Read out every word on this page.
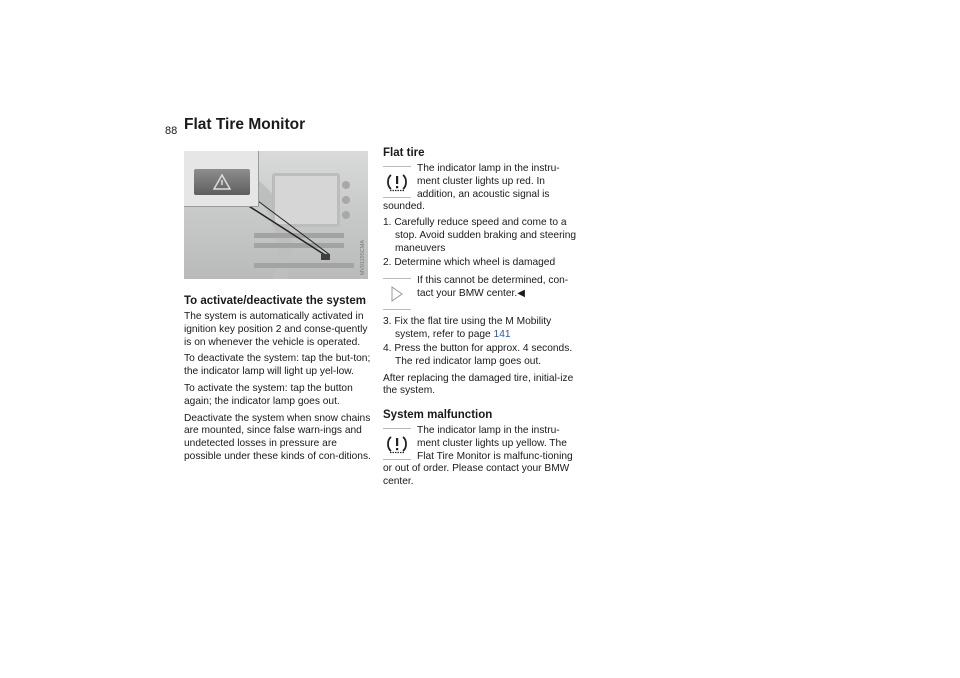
88 Flat Tire Monitor
MV01195CMA
To activate/deactivate the system

The system is automatically activated in ignition key position 2 and conse-quently is on whenever the vehicle is operated.

To deactivate the system: tap the but-ton; the indicator lamp will light up yel-low.

To activate the system: tap the button again; the indicator lamp goes out.

Deactivate the system when snow chains are mounted, since false warn-ings and undetected losses in pressure are possible under these kinds of con-ditions.

Flat tire

The indicator lamp in the instru-ment cluster lights up red. In addition, an acoustic signal is sounded.

1. Carefully reduce speed and come to a stop. Avoid sudden braking and steering maneuvers
2. Determine which wheel is damaged

If this cannot be determined, con-tact your BMW center.◀

3. Fix the flat tire using the M Mobility system, refer to page 141
4. Press the button for approx. 4 seconds. The red indicator lamp goes out.

After replacing the damaged tire, initial-ize the system.

System malfunction

The indicator lamp in the instru-ment cluster lights up yellow. The Flat Tire Monitor is malfunc-tioning or out of order. Please contact your BMW center.
